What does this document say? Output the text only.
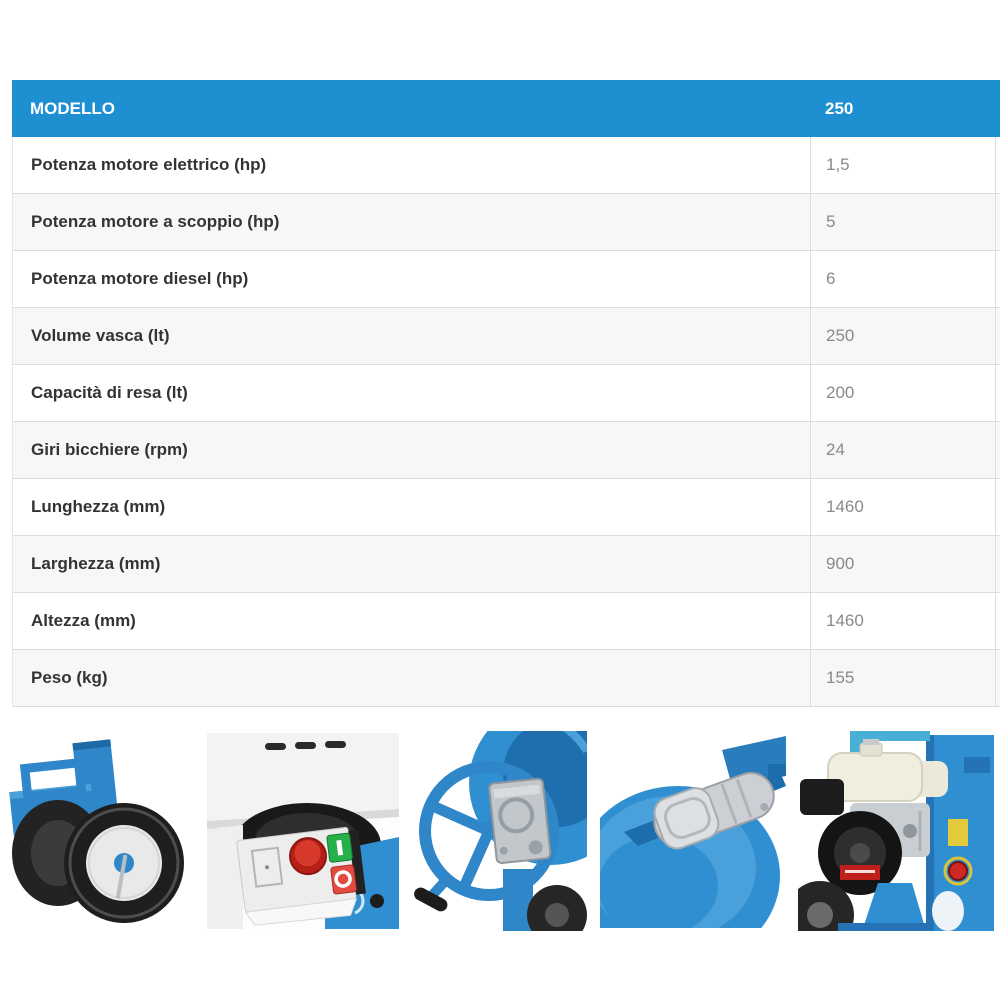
MODELLO	250
Potenza motore elettrico (hp)	1,5
Potenza motore a scoppio (hp)	5
Potenza motore diesel (hp)	6
Volume vasca (lt)	250
Capacità di resa (lt)	200
Giri bicchiere (rpm)	24
Lunghezza (mm)	1460
Larghezza (mm)	900
Altezza (mm)	1460
Peso (kg)	155
